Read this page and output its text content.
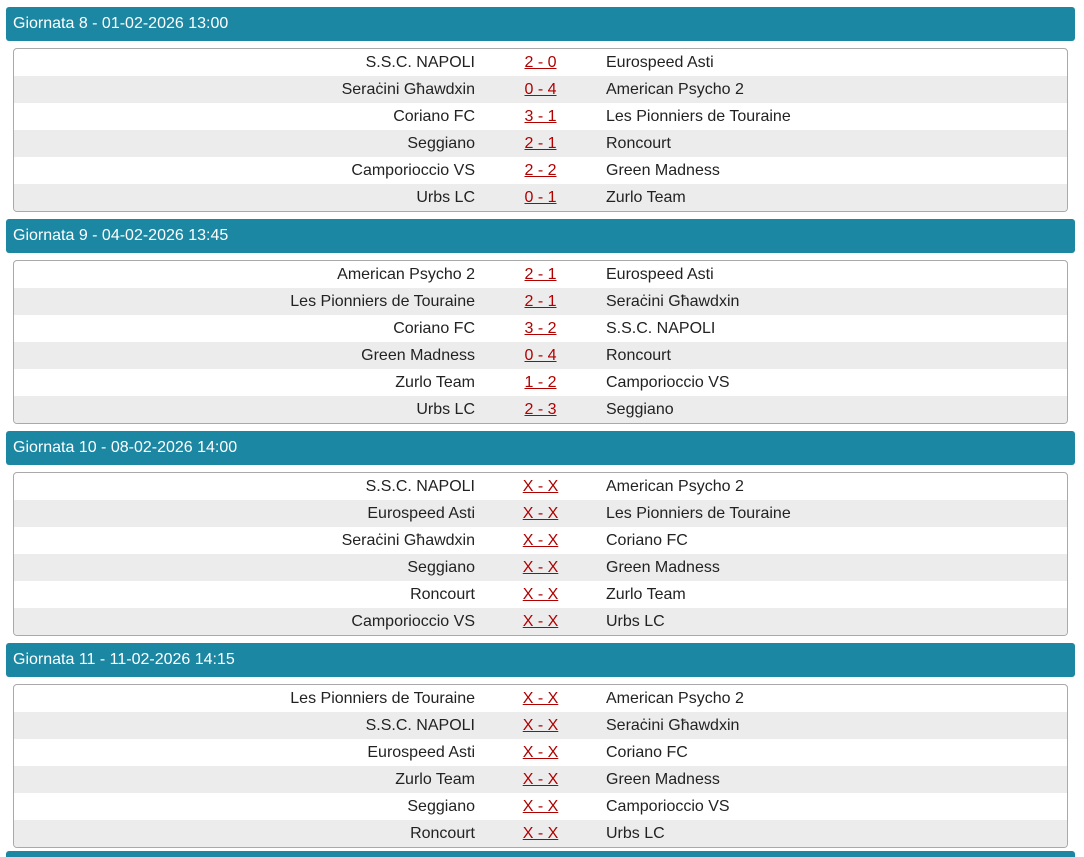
Giornata 8 - 01-02-2026 13:00
S.S.C. NAPOLI	2 - 0	Eurospeed Asti
Seraċini Għawdxin	0 - 4	American Psycho 2
Coriano FC	3 - 1	Les Pionniers de Touraine
Seggiano	2 - 1	Roncourt
Camporioccio VS	2 - 2	Green Madness
Urbs LC	0 - 1	Zurlo Team
Giornata 9 - 04-02-2026 13:45
American Psycho 2	2 - 1	Eurospeed Asti
Les Pionniers de Touraine	2 - 1	Seraċini Għawdxin
Coriano FC	3 - 2	S.S.C. NAPOLI
Green Madness	0 - 4	Roncourt
Zurlo Team	1 - 2	Camporioccio VS
Urbs LC	2 - 3	Seggiano
Giornata 10 - 08-02-2026 14:00
S.S.C. NAPOLI	X - X	American Psycho 2
Eurospeed Asti	X - X	Les Pionniers de Touraine
Seraċini Għawdxin	X - X	Coriano FC
Seggiano	X - X	Green Madness
Roncourt	X - X	Zurlo Team
Camporioccio VS	X - X	Urbs LC
Giornata 11 - 11-02-2026 14:15
Les Pionniers de Touraine	X - X	American Psycho 2
S.S.C. NAPOLI	X - X	Seraċini Għawdxin
Eurospeed Asti	X - X	Coriano FC
Zurlo Team	X - X	Green Madness
Seggiano	X - X	Camporioccio VS
Roncourt	X - X	Urbs LC
